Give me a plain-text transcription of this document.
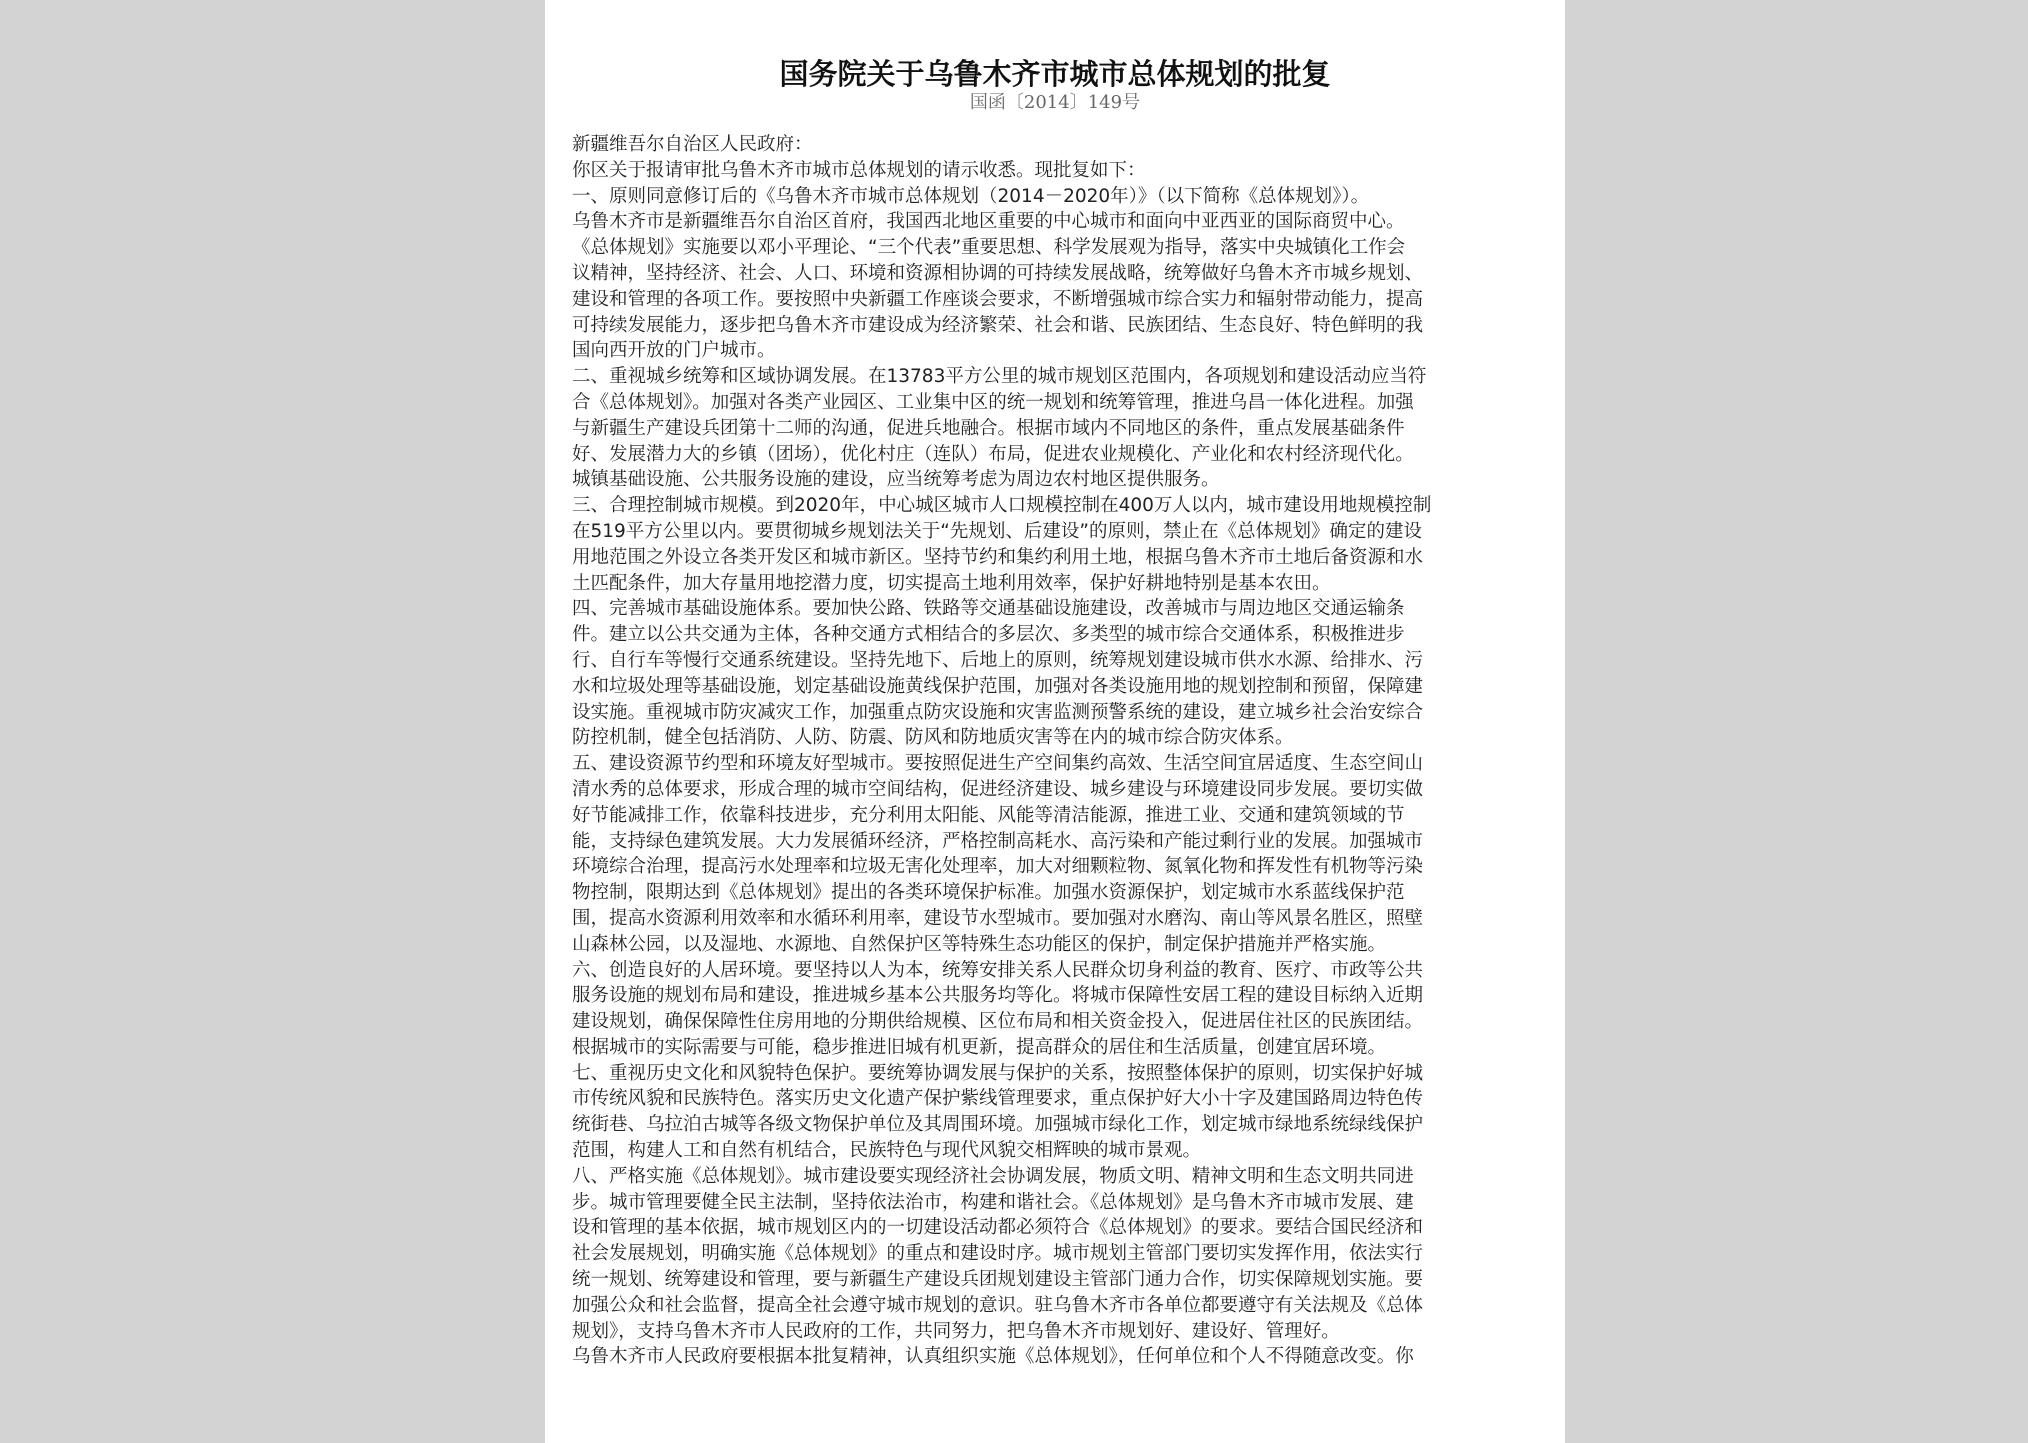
国务院关于乌鲁木齐市城市总体规划的批复
国函〔2014〕149号
新疆维吾尔自治区人民政府：
你区关于报请审批乌鲁木齐市城市总体规划的请示收悉。现批复如下：
一、原则同意修订后的《乌鲁木齐市城市总体规划（2014－2020年）》（以下简称《总体规划》）。
乌鲁木齐市是新疆维吾尔自治区首府，我国西北地区重要的中心城市和面向中亚西亚的国际商贸中心。
《总体规划》实施要以邓小平理论、“三个代表”重要思想、科学发展观为指导，落实中央城镇化工作会
议精神，坚持经济、社会、人口、环境和资源相协调的可持续发展战略，统筹做好乌鲁木齐市城乡规划、
建设和管理的各项工作。要按照中央新疆工作座谈会要求，不断增强城市综合实力和辐射带动能力，提高
可持续发展能力，逐步把乌鲁木齐市建设成为经济繁荣、社会和谐、民族团结、生态良好、特色鲜明的我
国向西开放的门户城市。
二、重视城乡统筹和区域协调发展。在13783平方公里的城市规划区范围内，各项规划和建设活动应当符
合《总体规划》。加强对各类产业园区、工业集中区的统一规划和统筹管理，推进乌昌一体化进程。加强
与新疆生产建设兵团第十二师的沟通，促进兵地融合。根据市域内不同地区的条件，重点发展基础条件
好、发展潜力大的乡镇（团场），优化村庄（连队）布局，促进农业规模化、产业化和农村经济现代化。
城镇基础设施、公共服务设施的建设，应当统筹考虑为周边农村地区提供服务。
三、合理控制城市规模。到2020年，中心城区城市人口规模控制在400万人以内，城市建设用地规模控制
在519平方公里以内。要贯彻城乡规划法关于“先规划、后建设”的原则，禁止在《总体规划》确定的建设
用地范围之外设立各类开发区和城市新区。坚持节约和集约利用土地，根据乌鲁木齐市土地后备资源和水
土匹配条件，加大存量用地挖潜力度，切实提高土地利用效率，保护好耕地特别是基本农田。
四、完善城市基础设施体系。要加快公路、铁路等交通基础设施建设，改善城市与周边地区交通运输条
件。建立以公共交通为主体，各种交通方式相结合的多层次、多类型的城市综合交通体系，积极推进步
行、自行车等慢行交通系统建设。坚持先地下、后地上的原则，统筹规划建设城市供水水源、给排水、污
水和垃圾处理等基础设施，划定基础设施黄线保护范围，加强对各类设施用地的规划控制和预留，保障建
设实施。重视城市防灾减灾工作，加强重点防灾设施和灾害监测预警系统的建设，建立城乡社会治安综合
防控机制，健全包括消防、人防、防震、防风和防地质灾害等在内的城市综合防灾体系。
五、建设资源节约型和环境友好型城市。要按照促进生产空间集约高效、生活空间宜居适度、生态空间山
清水秀的总体要求，形成合理的城市空间结构，促进经济建设、城乡建设与环境建设同步发展。要切实做
好节能减排工作，依靠科技进步，充分利用太阳能、风能等清洁能源，推进工业、交通和建筑领域的节
能，支持绿色建筑发展。大力发展循环经济，严格控制高耗水、高污染和产能过剩行业的发展。加强城市
环境综合治理，提高污水处理率和垃圾无害化处理率，加大对细颗粒物、氮氧化物和挥发性有机物等污染
物控制，限期达到《总体规划》提出的各类环境保护标准。加强水资源保护，划定城市水系蓝线保护范
围，提高水资源利用效率和水循环利用率，建设节水型城市。要加强对水磨沟、南山等风景名胜区，照壁
山森林公园，以及湿地、水源地、自然保护区等特殊生态功能区的保护，制定保护措施并严格实施。
六、创造良好的人居环境。要坚持以人为本，统筹安排关系人民群众切身利益的教育、医疗、市政等公共
服务设施的规划布局和建设，推进城乡基本公共服务均等化。将城市保障性安居工程的建设目标纳入近期
建设规划，确保保障性住房用地的分期供给规模、区位布局和相关资金投入，促进居住社区的民族团结。
根据城市的实际需要与可能，稳步推进旧城有机更新，提高群众的居住和生活质量，创建宜居环境。
七、重视历史文化和风貌特色保护。要统筹协调发展与保护的关系，按照整体保护的原则，切实保护好城
市传统风貌和民族特色。落实历史文化遗产保护紫线管理要求，重点保护好大小十字及建国路周边特色传
统街巷、乌拉泊古城等各级文物保护单位及其周围环境。加强城市绿化工作，划定城市绿地系统绿线保护
范围，构建人工和自然有机结合，民族特色与现代风貌交相辉映的城市景观。
八、严格实施《总体规划》。城市建设要实现经济社会协调发展，物质文明、精神文明和生态文明共同进
步。城市管理要健全民主法制，坚持依法治市，构建和谐社会。《总体规划》是乌鲁木齐市城市发展、建
设和管理的基本依据，城市规划区内的一切建设活动都必须符合《总体规划》的要求。要结合国民经济和
社会发展规划，明确实施《总体规划》的重点和建设时序。城市规划主管部门要切实发挥作用，依法实行
统一规划、统筹建设和管理，要与新疆生产建设兵团规划建设主管部门通力合作，切实保障规划实施。要
加强公众和社会监督，提高全社会遵守城市规划的意识。驻乌鲁木齐市各单位都要遵守有关法规及《总体
规划》，支持乌鲁木齐市人民政府的工作，共同努力，把乌鲁木齐市规划好、建设好、管理好。
乌鲁木齐市人民政府要根据本批复精神，认真组织实施《总体规划》，任何单位和个人不得随意改变。你
